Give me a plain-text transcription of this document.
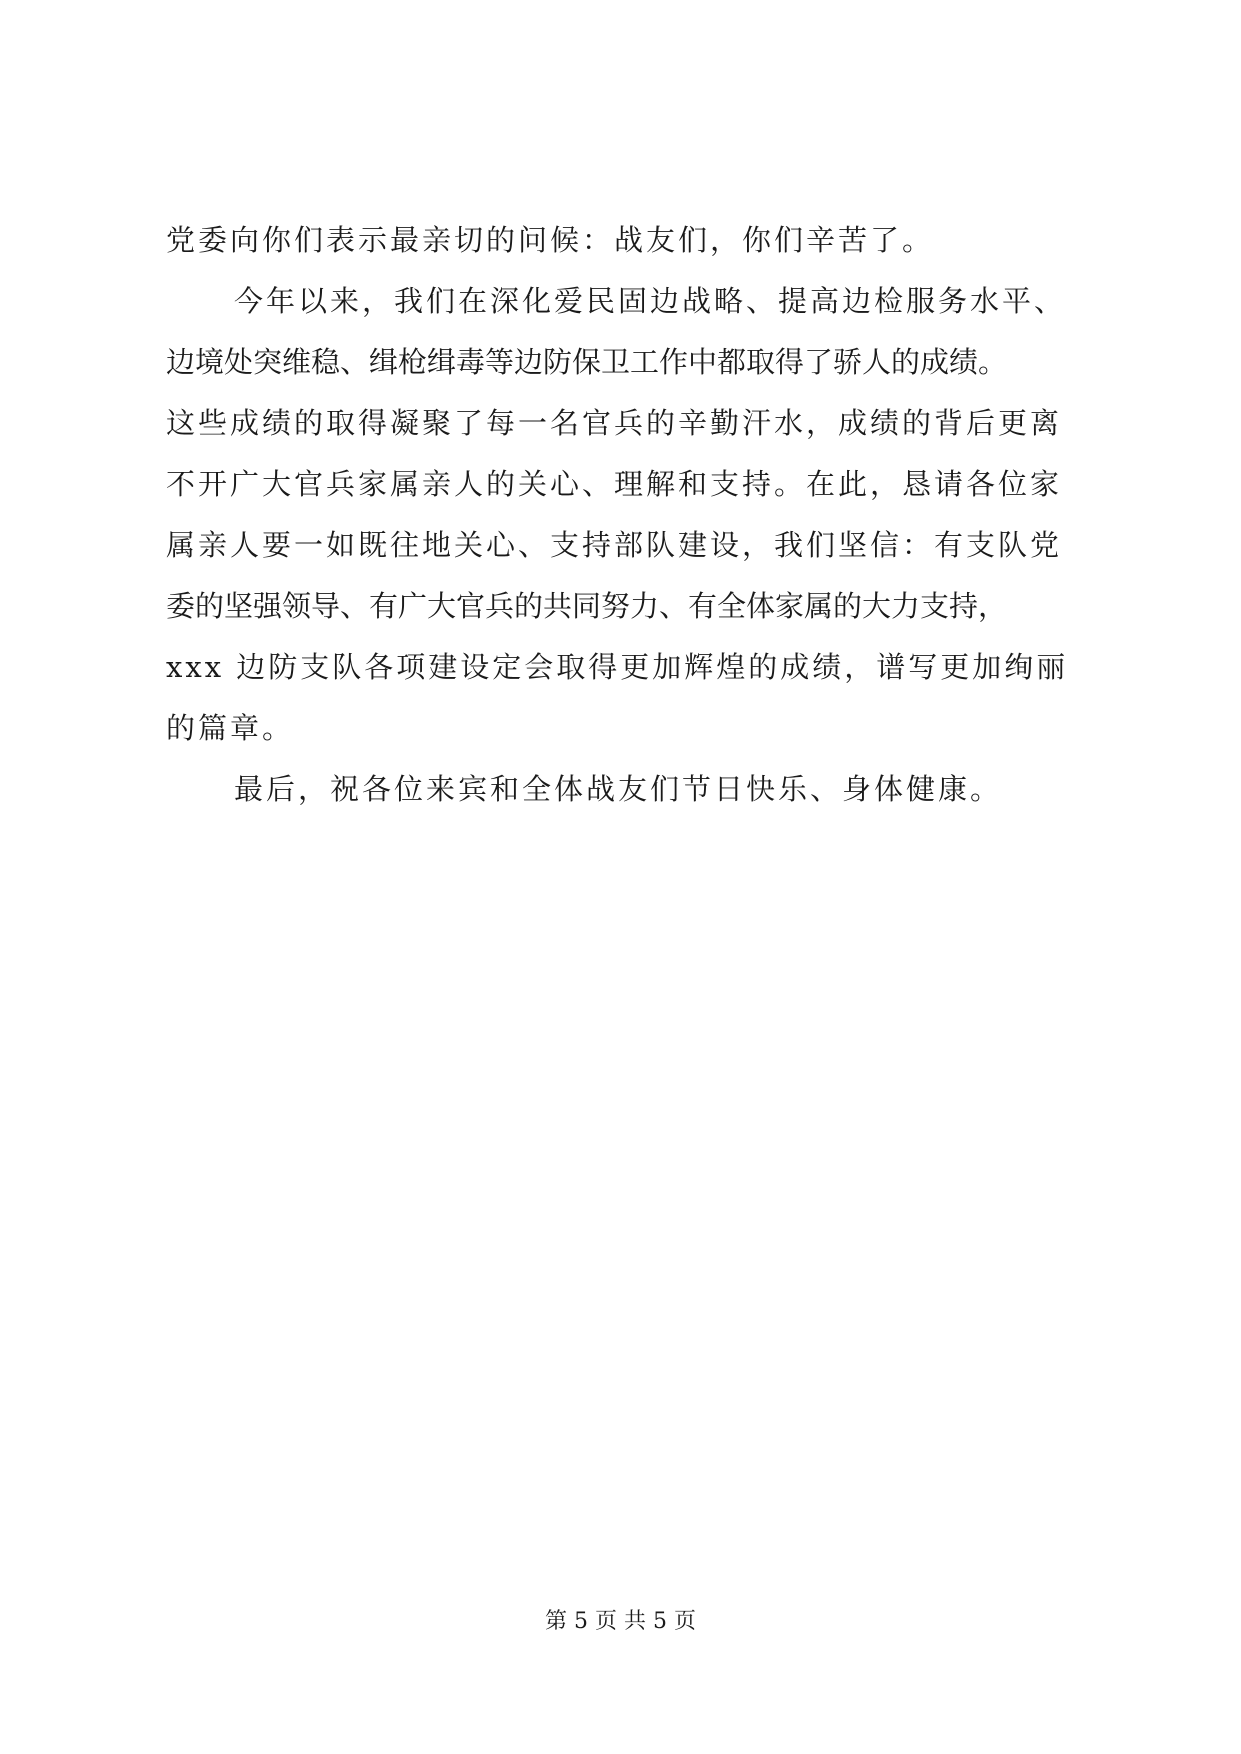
党委向你们表示最亲切的问候：战友们，你们辛苦了。
今年以来，我们在深化爱民固边战略、提高边检服务水平、
边境处突维稳、缉枪缉毒等边防保卫工作中都取得了骄人的成绩。
这些成绩的取得凝聚了每一名官兵的辛勤汗水，成绩的背后更离
不开广大官兵家属亲人的关心、理解和支持。在此，恳请各位家
属亲人要一如既往地关心、支持部队建设，我们坚信：有支队党
委的坚强领导、有广大官兵的共同努力、有全体家属的大力支持，
xxx 边防支队各项建设定会取得更加辉煌的成绩，谱写更加绚丽
的篇章。
最后，祝各位来宾和全体战友们节日快乐、身体健康。
第 5 页 共 5 页
